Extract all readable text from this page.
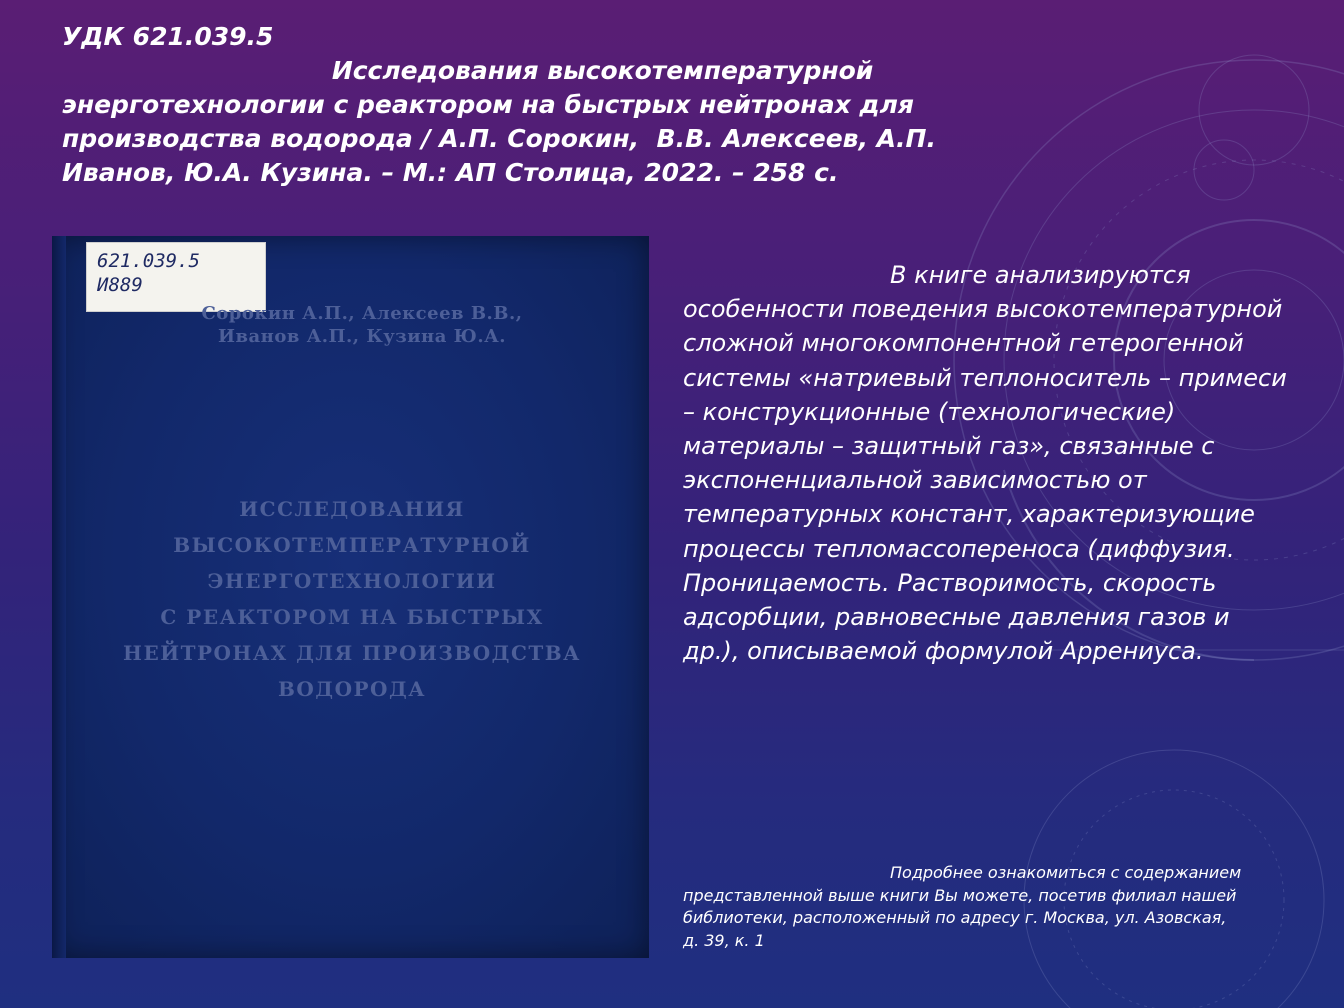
УДК 621.039.5
Исследования высокотемпературной энерготехнологии с реактором на быстрых нейтронах для производства водорода / А.П. Сорокин,  В.В. Алексеев, А.П. Иванов, Ю.А. Кузина. – М.: АП Столица, 2022. – 258 с.
621.039.5
И889
Сорокин А.П., Алексеев В.В.,
Иванов А.П., Кузина Ю.А.
ИССЛЕДОВАНИЯ
ВЫСОКОТЕМПЕРАТУРНОЙ
ЭНЕРГОТЕХНОЛОГИИ
С РЕАКТОРОМ НА БЫСТРЫХ
НЕЙТРОНАХ ДЛЯ ПРОИЗВОДСТВА
ВОДОРОДА
В книге анализируются
особенности поведения высокотемпературной
сложной многокомпонентной гетерогенной
системы «натриевый теплоноситель – примеси
– конструкционные (технологические)
материалы – защитный газ», связанные с
экспоненциальной зависимостью от
температурных констант, характеризующие
процессы тепломассопереноса (диффузия.
Проницаемость. Растворимость, скорость
адсорбции, равновесные давления газов и
др.), описываемой формулой Аррениуса.
Подробнее ознакомиться с содержанием
представленной выше книги Вы можете, посетив филиал нашей
библиотеки, расположенный по адресу г. Москва, ул. Азовская,
д. 39, к. 1
